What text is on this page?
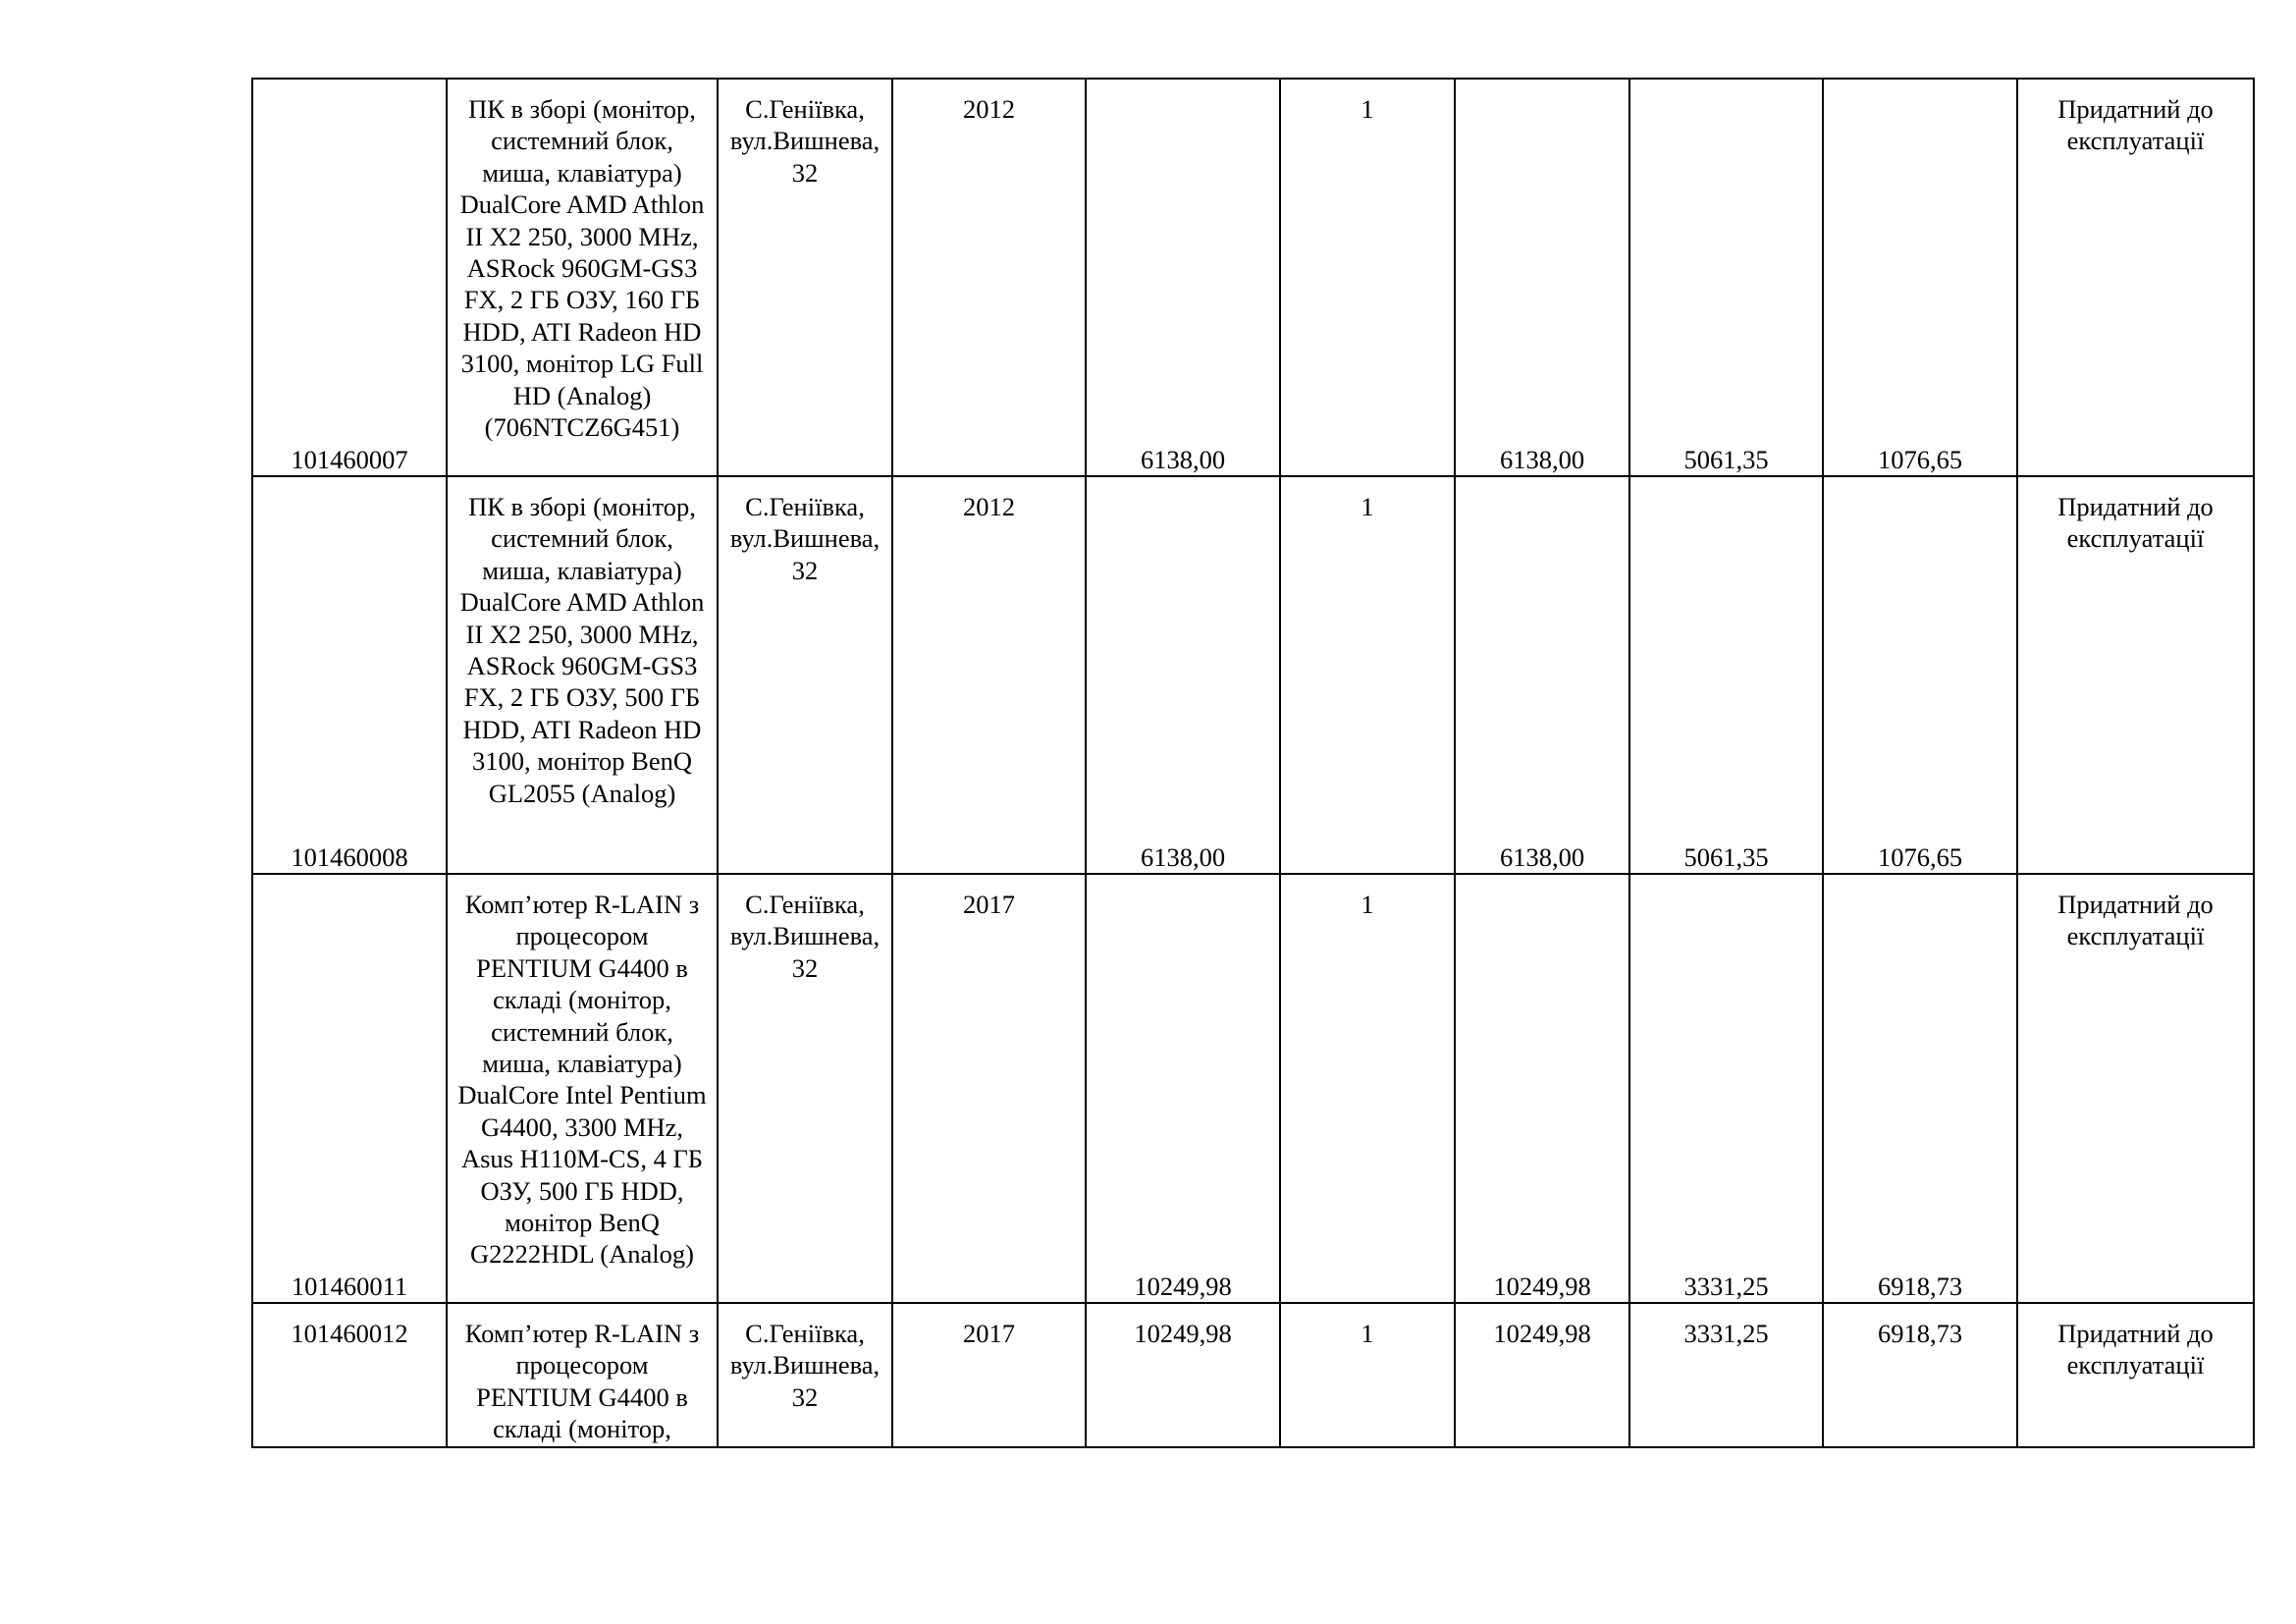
101460007	ПК в зборі (монітор, системний блок, миша, клавіатура) DualCore AMD Athlon II X2 250, 3000 MHz, ASRock 960GM-GS3 FX, 2 ГБ ОЗУ, 160 ГБ HDD, ATI Radeon HD 3100, монітор LG Full HD (Analog) (706NTCZ6G451)	С.Геніївка, вул.Вишнева,32	2012	6138,00	1	6138,00	5061,35	1076,65	Придатний до експлуатації
101460008	ПК в зборі (монітор, системний блок, миша, клавіатура) DualCore AMD Athlon II X2 250, 3000 MHz, ASRock 960GM-GS3 FX, 2 ГБ ОЗУ, 500 ГБ HDD, ATI Radeon HD 3100, монітор BenQ GL2055 (Analog)	С.Геніївка, вул.Вишнева,32	2012	6138,00	1	6138,00	5061,35	1076,65	Придатний до експлуатації
101460011	Комп’ютер R-LAIN з процесором PENTIUM G4400 в складі (монітор, системний блок, миша, клавіатура) DualCore Intel Pentium G4400, 3300 MHz, Asus H110M-CS, 4 ГБ ОЗУ, 500 ГБ HDD, монітор BenQ G2222HDL (Analog)	С.Геніївка, вул.Вишнева,32	2017	10249,98	1	10249,98	3331,25	6918,73	Придатний до експлуатації
101460012	Комп’ютер R-LAIN з процесором PENTIUM G4400 в складі (монітор,	С.Геніївка, вул.Вишнева,32	2017	10249,98	1	10249,98	3331,25	6918,73	Придатний до експлуатації
